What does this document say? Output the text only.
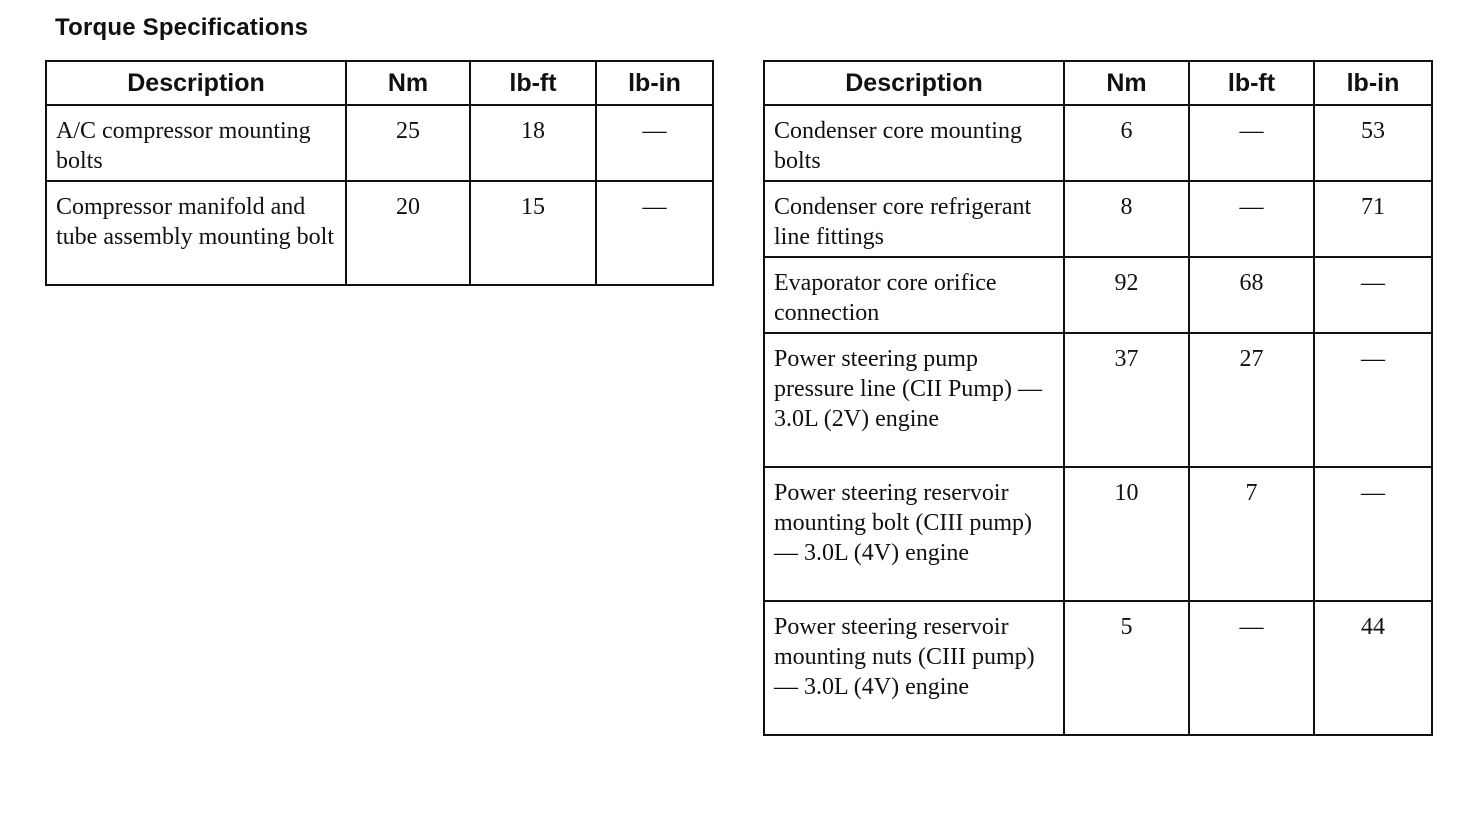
Torque Specifications
Description	Nm	lb-ft	lb-in
A/C compressor mounting bolts	25	18	—
Compressor manifold and tube assembly mounting bolt	20	15	—
Description	Nm	lb-ft	lb-in
Condenser core mounting bolts	6	—	53
Condenser core refrigerant line fittings	8	—	71
Evaporator core orifice connection	92	68	—
Power steering pump pressure line (CII Pump) — 3.0L (2V) engine	37	27	—
Power steering reservoir mounting bolt (CIII pump) — 3.0L (4V) engine	10	7	—
Power steering reservoir mounting nuts (CIII pump) — 3.0L (4V) engine	5	—	44
